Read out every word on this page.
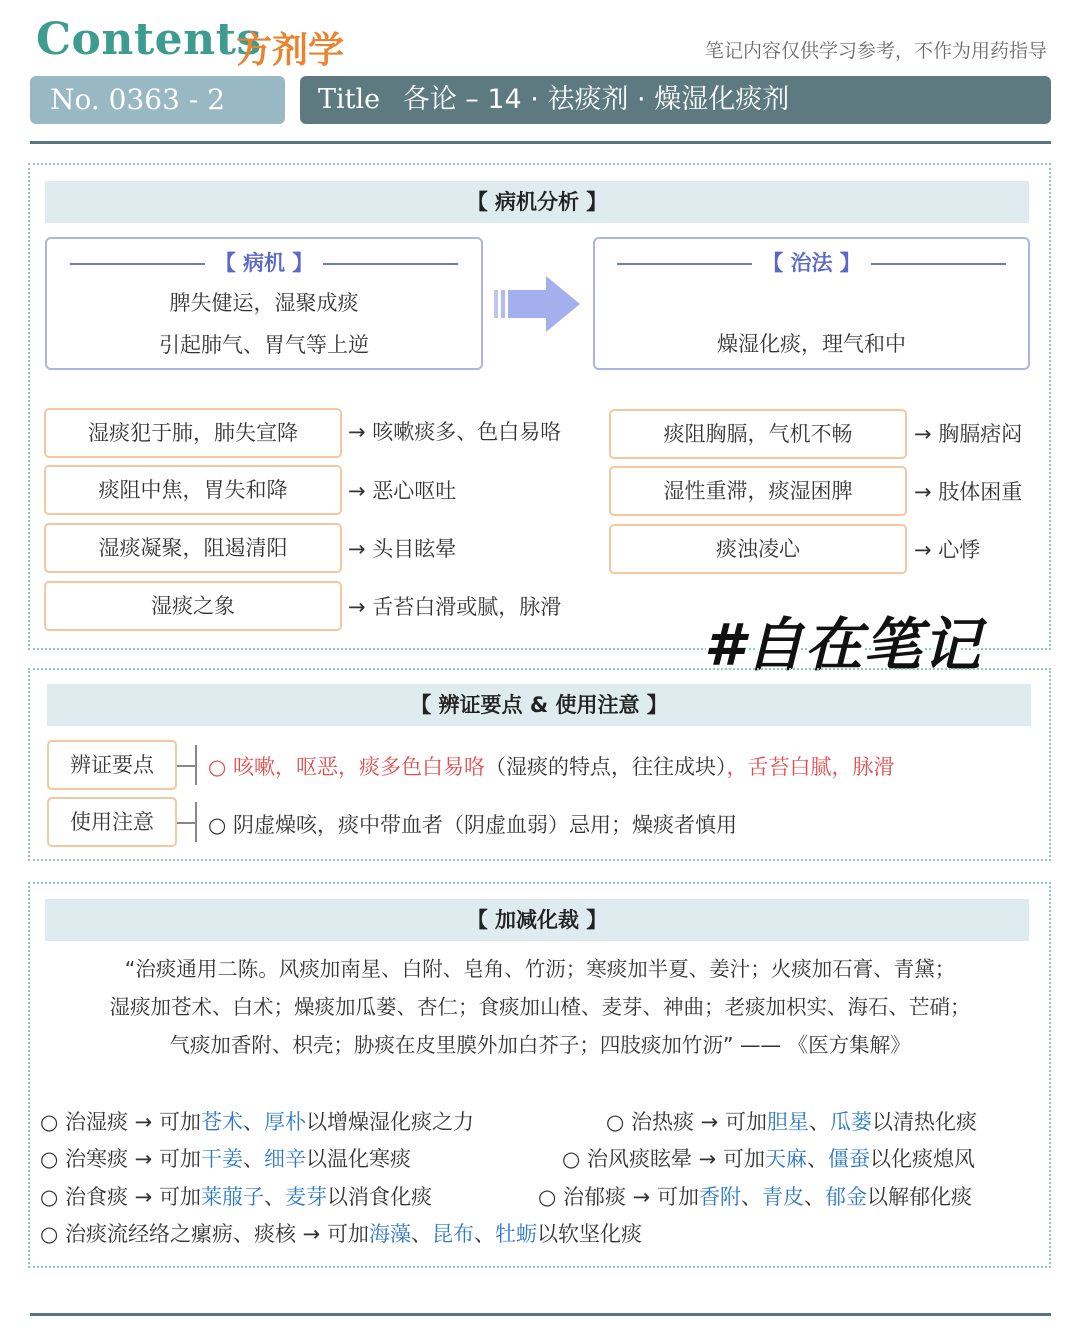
Contents
方剂学	笔记内容仅供学习参考，不作为用药指导
No. 0363 - 2	Title 各论 – 14 · 祛痰剂 · 燥湿化痰剂
【 病机分析 】
【 病机 】
脾失健运，湿聚成痰
引起肺气、胃气等上逆
【 治法 】
燥湿化痰，理气和中
湿痰犯于肺，肺失宣降	→ 咳嗽痰多、色白易咯
痰阻中焦，胃失和降	→ 恶心呕吐
湿痰凝聚，阻遏清阳	→ 头目眩晕
湿痰之象	→ 舌苔白滑或腻，脉滑
痰阻胸膈，气机不畅	→ 胸膈痞闷
湿性重滞，痰湿困脾	→ 肢体困重
痰浊凌心	→ 心悸
#自在笔记
【 辨证要点 & 使用注意 】
辨证要点	○ 咳嗽，呕恶，痰多色白易咯（湿痰的特点，往往成块），舌苔白腻，脉滑
使用注意	○ 阴虚燥咳，痰中带血者（阴虚血弱）忌用；燥痰者慎用
【 加减化裁 】
“治痰通用二陈。风痰加南星、白附、皂角、竹沥；寒痰加半夏、姜汁；火痰加石膏、青黛；
湿痰加苍术、白术；燥痰加瓜蒌、杏仁；食痰加山楂、麦芽、神曲；老痰加枳实、海石、芒硝；
气痰加香附、枳壳；胁痰在皮里膜外加白芥子；四肢痰加竹沥” —— 《医方集解》
○ 治湿痰 → 可加苍术、厚朴以增燥湿化痰之力	○ 治热痰 → 可加胆星、瓜蒌以清热化痰
○ 治寒痰 → 可加干姜、细辛以温化寒痰	○ 治风痰眩晕 → 可加天麻、僵蚕以化痰熄风
○ 治食痰 → 可加莱菔子、麦芽以消食化痰	○ 治郁痰 → 可加香附、青皮、郁金以解郁化痰
○ 治痰流经络之瘰疬、痰核 → 可加海藻、昆布、牡蛎以软坚化痰
